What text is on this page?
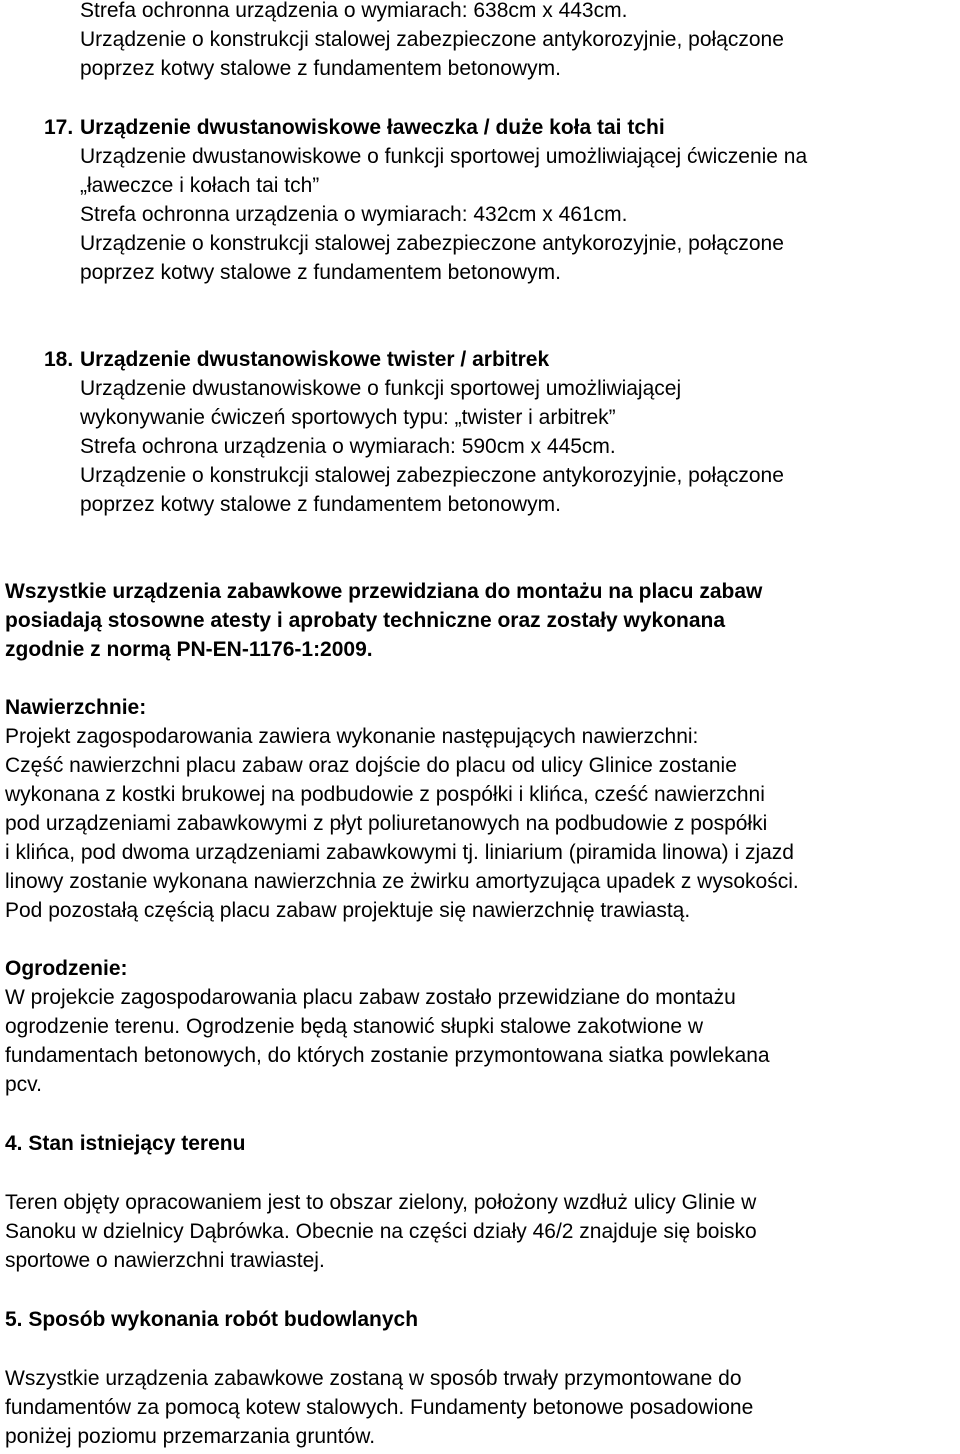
Strefa ochronna urządzenia o wymiarach: 638cm x 443cm.
Urządzenie o konstrukcji stalowej zabezpieczone antykorozyjnie, połączone
poprzez kotwy stalowe z fundamentem betonowym.
17. Urządzenie dwustanowiskowe ławeczka / duże koła tai tchi
Urządzenie dwustanowiskowe o funkcji sportowej umożliwiającej ćwiczenie na
„ławeczce i kołach tai tch”
Strefa ochronna urządzenia o wymiarach: 432cm x 461cm.
Urządzenie o konstrukcji stalowej zabezpieczone antykorozyjnie, połączone
poprzez kotwy stalowe z fundamentem betonowym.
18. Urządzenie dwustanowiskowe twister / arbitrek
Urządzenie dwustanowiskowe o funkcji sportowej umożliwiającej
wykonywanie ćwiczeń sportowych typu: „twister i arbitrek”
Strefa ochrona urządzenia o wymiarach: 590cm x 445cm.
Urządzenie o konstrukcji stalowej zabezpieczone antykorozyjnie, połączone
poprzez kotwy stalowe z fundamentem betonowym.
Wszystkie urządzenia zabawkowe przewidziana do montażu na placu zabaw
posiadają stosowne atesty i aprobaty techniczne oraz zostały wykonana
zgodnie z normą PN-EN-1176-1:2009.
Nawierzchnie:
Projekt zagospodarowania zawiera wykonanie następujących nawierzchni:
Część nawierzchni placu zabaw oraz dojście do placu od ulicy Glinice zostanie
wykonana z kostki brukowej na podbudowie z pospółki i klińca, cześć nawierzchni
pod urządzeniami zabawkowymi z płyt poliuretanowych na podbudowie z pospółki
i klińca, pod dwoma urządzeniami zabawkowymi tj. liniarium (piramida linowa) i zjazd
linowy zostanie wykonana nawierzchnia ze żwirku amortyzująca upadek z wysokości.
Pod pozostałą częścią placu zabaw projektuje się nawierzchnię trawiastą.
Ogrodzenie:
W projekcie zagospodarowania placu zabaw zostało przewidziane do montażu
ogrodzenie terenu. Ogrodzenie będą stanowić słupki stalowe zakotwione w
fundamentach betonowych, do których zostanie przymontowana siatka powlekana
pcv.
4. Stan istniejący terenu
Teren objęty opracowaniem jest to obszar zielony, położony wzdłuż ulicy Glinie w
Sanoku w dzielnicy Dąbrówka. Obecnie na części działy 46/2 znajduje się boisko
sportowe o nawierzchni trawiastej.
5. Sposób wykonania robót budowlanych
Wszystkie urządzenia zabawkowe zostaną w sposób trwały przymontowane do
fundamentów za pomocą kotew stalowych. Fundamenty betonowe posadowione
poniżej poziomu przemarzania gruntów.
